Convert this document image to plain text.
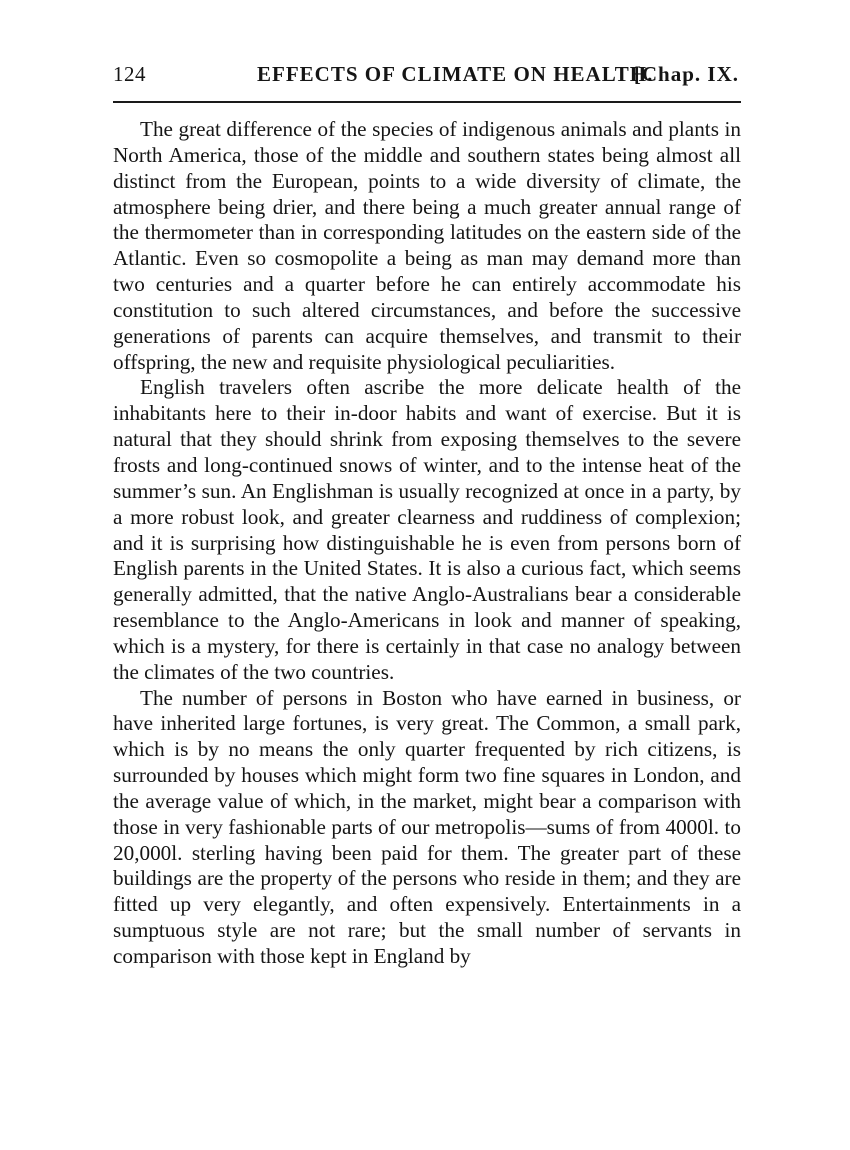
124	EFFECTS OF CLIMATE ON HEALTH.
[Chap. IX.

The great difference of the species of indigenous animals and plants in North America, those of the middle and southern states being almost all distinct from the European, points to a wide diversity of climate, the atmosphere being drier, and there being a much greater annual range of the thermometer than in corresponding latitudes on the eastern side of the Atlantic. Even so cosmopolite a being as man may demand more than two centuries and a quarter before he can entirely accommodate his constitution to such altered circumstances, and before the successive generations of parents can acquire themselves, and transmit to their offspring, the new and requisite physiological peculiarities.

English travelers often ascribe the more delicate health of the inhabitants here to their in-door habits and want of exercise. But it is natural that they should shrink from exposing themselves to the severe frosts and long-continued snows of winter, and to the intense heat of the summer’s sun. An Englishman is usually recognized at once in a party, by a more robust look, and greater clearness and ruddiness of complexion; and it is surprising how distinguishable he is even from persons born of English parents in the United States. It is also a curious fact, which seems generally admitted, that the native Anglo-Australians bear a considerable resemblance to the Anglo-Americans in look and manner of speaking, which is a mystery, for there is certainly in that case no analogy between the climates of the two countries.

The number of persons in Boston who have earned in business, or have inherited large fortunes, is very great. The Common, a small park, which is by no means the only quarter frequented by rich citizens, is surrounded by houses which might form two fine squares in London, and the average value of which, in the market, might bear a comparison with those in very fashionable parts of our metropolis—sums of from 4000l. to 20,000l. sterling having been paid for them. The greater part of these buildings are the property of the persons who reside in them; and they are fitted up very elegantly, and often expensively. Entertainments in a sumptuous style are not rare; but the small number of servants in comparison with those kept in England by
